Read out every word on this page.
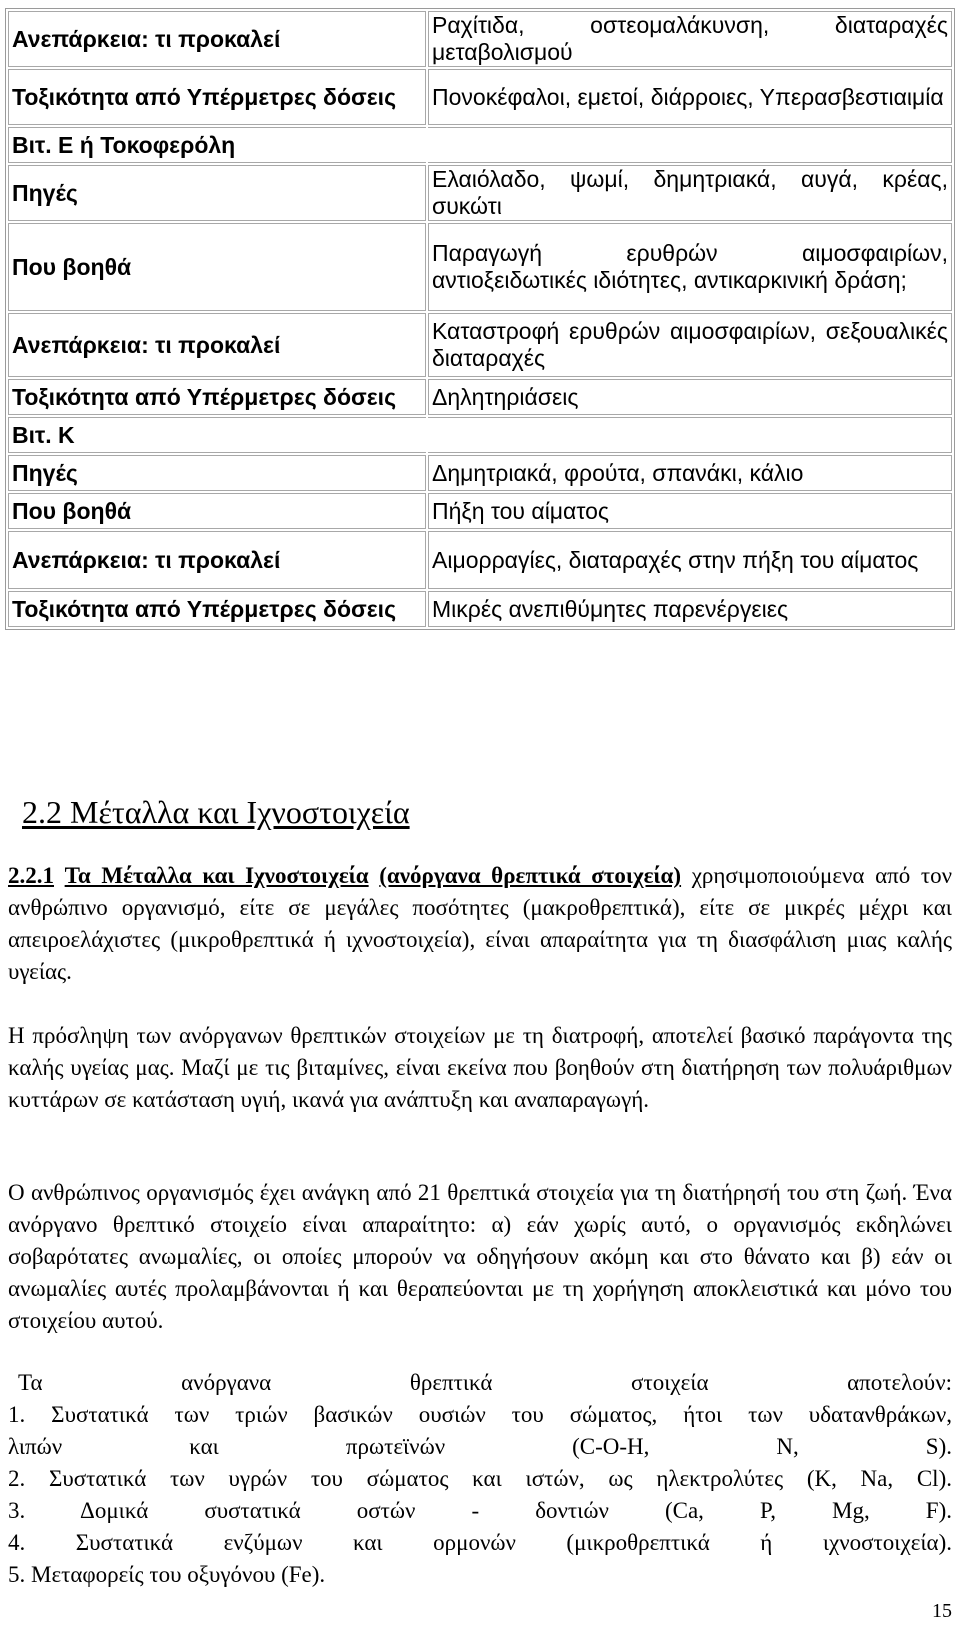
Ανεπάρκεια: τι προκαλεί	Ραχίτιδα, οστεομαλάκυνση, διαταραχές μεταβολισμού
Τοξικότητα από Υπέρμετρες δόσεις	Πονοκέφαλοι, εμετοί, διάρροιες, Υπερασβεστιαιμία
Βιτ. Ε ή Τοκοφερόλη	
Πηγές	Ελαιόλαδο, ψωμί, δημητριακά, αυγά, κρέας, συκώτι
Που βοηθά	Παραγωγή ερυθρών αιμοσφαιρίων, αντιοξειδωτικές ιδιότητες, αντικαρκινική δράση;
Ανεπάρκεια: τι προκαλεί	Καταστροφή ερυθρών αιμοσφαιρίων, σεξουαλικές διαταραχές
Τοξικότητα από Υπέρμετρες δόσεις	Δηλητηριάσεις
Βιτ. Κ	
Πηγές	Δημητριακά, φρούτα, σπανάκι, κάλιο
Που βοηθά	Πήξη του αίματος
Ανεπάρκεια: τι προκαλεί	Αιμορραγίες, διαταραχές στην πήξη του αίματος
Τοξικότητα από Υπέρμετρες δόσεις	Μικρές ανεπιθύμητες παρενέργειες
2.2 Μέταλλα και Ιχνοστοιχεία

2.2.1 Τα Μέταλλα και Ιχνοστοιχεία (ανόργανα θρεπτικά στοιχεία) χρησιμοποιούμενα από τον ανθρώπινο οργανισμό, είτε σε μεγάλες ποσότητες (μακροθρεπτικά), είτε σε μικρές μέχρι και απειροελάχιστες (μικροθρεπτικά ή ιχνοστοιχεία), είναι απαραίτητα για τη διασφάλιση μιας καλής υγείας.

Η πρόσληψη των ανόργανων θρεπτικών στοιχείων με τη διατροφή, αποτελεί βασικό παράγοντα της καλής υγείας μας. Μαζί με τις βιταμίνες, είναι εκείνα που βοηθούν στη διατήρηση των πολυάριθμων κυττάρων σε κατάσταση υγιή, ικανά για ανάπτυξη και αναπαραγωγή.

Ο ανθρώπινος οργανισμός έχει ανάγκη από 21 θρεπτικά στοιχεία για τη διατήρησή του στη ζωή. Ένα ανόργανο θρεπτικό στοιχείο είναι απαραίτητο: α) εάν χωρίς αυτό, ο οργανισμός εκδηλώνει σοβαρότατες ανωμαλίες, οι οποίες μπορούν να οδηγήσουν ακόμη και στο θάνατο και β) εάν οι ανωμαλίες αυτές προλαμβάνονται ή και θεραπεύονται με τη χορήγηση αποκλειστικά και μόνο του στοιχείου αυτού.

Τα ανόργανα θρεπτικά στοιχεία αποτελούν:
1. Συστατικά των τριών βασικών ουσιών του σώματος, ήτοι των υδατανθράκων,
λιπών και πρωτεϊνών (C-O-H, N, S).
2. Συστατικά των υγρών του σώματος και ιστών, ως ηλεκτρολύτες (K, Na, Cl).
3. Δομικά συστατικά οστών - δοντιών (Ca, P, Mg, F).
4. Συστατικά ενζύμων και ορμονών (μικροθρεπτικά ή ιχνοστοιχεία).
5. Μεταφορείς του οξυγόνου (Fe).
15
